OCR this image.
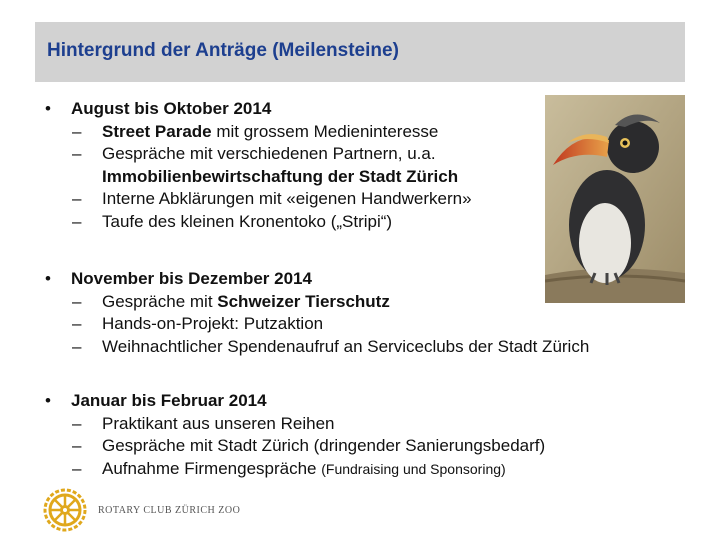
Hintergrund der Anträge (Meilensteine)
•	August bis Oktober 2014
–	Street Parade mit grossem Medieninteresse
–	Gespräche mit verschiedenen Partnern, u.a.
Immobilienbewirtschaftung der Stadt Zürich
–	Interne Abklärungen mit «eigenen Handwerkern»
–	Taufe des kleinen Kronentoko („Stripi“)
•	November bis Dezember 2014
–	Gespräche mit Schweizer Tierschutz
–	Hands-on-Projekt: Putzaktion
–	Weihnachtlicher Spendenaufruf an Serviceclubs der Stadt Zürich
•	Januar bis Februar 2014
–	Praktikant aus unseren Reihen
–	Gespräche mit Stadt Zürich (dringender Sanierungsbedarf)
–	Aufnahme Firmengespräche (Fundraising und Sponsoring)
ROTARY CLUB ZÜRICH ZOO
